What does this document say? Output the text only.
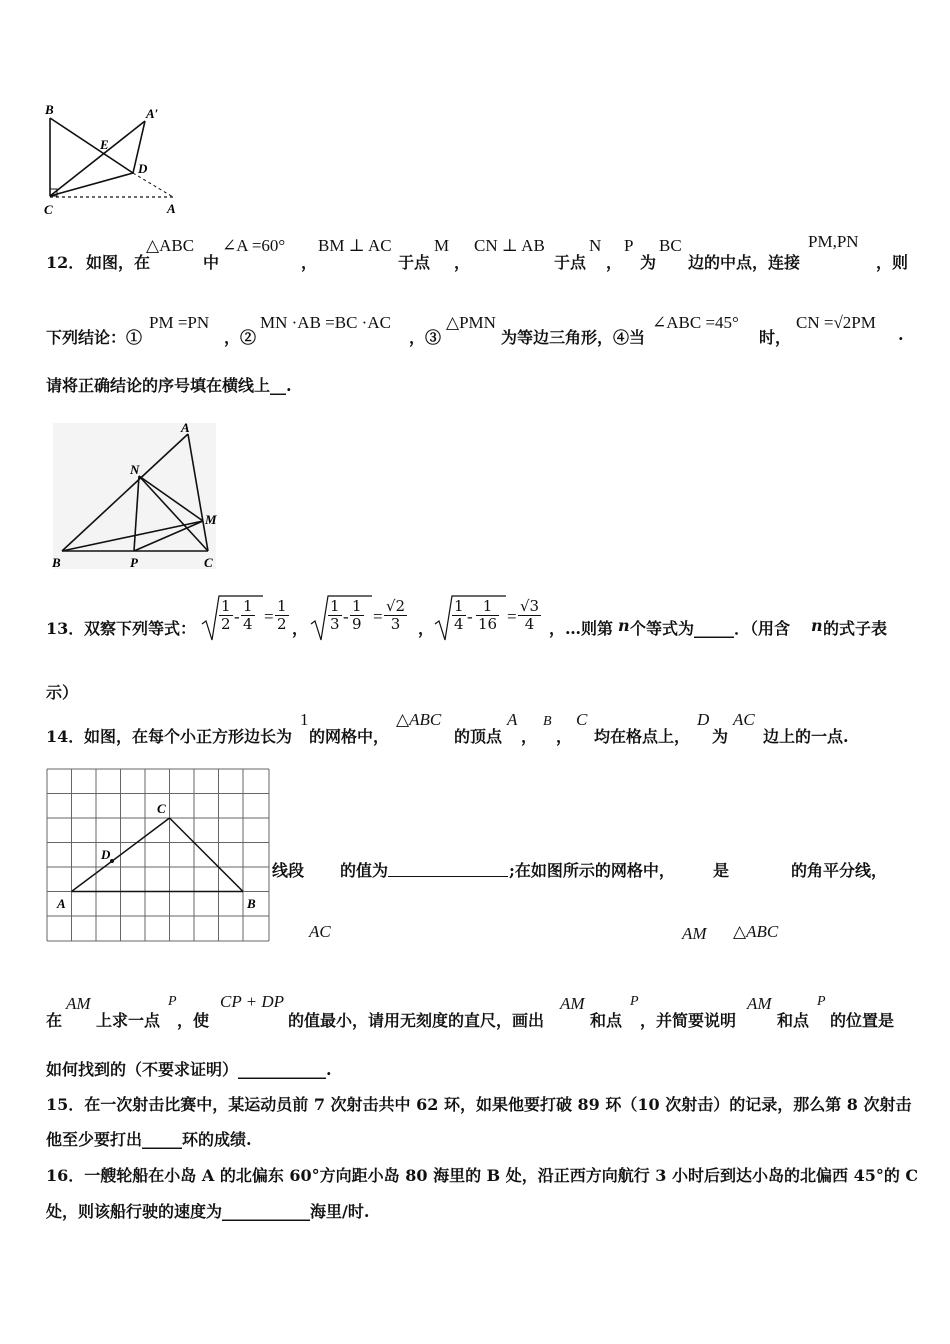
B	A′
E
D
C	A
12． 如图，在
△ABC
中
∠A =60°
，
BM ⊥ AC
于点
M
，
CN ⊥ AB
于点
N
，
P
为
BC
边的中点，连接
PM,PN
，则
下列结论：①
PM =PN
，②
MN ·AB =BC ·AC
，③
△PMN
为等边三角形，④当
∠ABC =45°
时，
CN =√2PM
.
请将正确结论的序号填在横线上__.
A
N
M
B	P	C
13． 双察下列等式： $\frac{1}{2} - \frac{1}{4} = \frac{1}{2}$ ， $\frac{1}{3} - \frac{1}{9} = \frac{√2}{3}$ ， $\frac{1}{4} - \frac{1}{16} = \frac{√3}{4}$ ，…则第 n 个等式为_____．（用含 n 的式子表
示）
14． 如图，在每个小正方形边长为
1
的网格中，
△ABC
的顶点
A
，
B
，
C
均在格点上，
D
为
AC
边上的一点.
C
D
A	B
线段 的值为	;在如图所示的网格中， 是	的角平分线，
AC	AM △ABC
在
AM
上求一点
P
，使
CP + DP
的值最小，请用无刻度的直尺，画出
AM
和点
P
，并简要说明
AM
和点
P
的位置是
如何找到的（不要求证明）___________.
15．在一次射击比赛中，某运动员前 7 次射击共中 62 环，如果他要打破 89 环（10 次射击）的记录，那么第 8 次射击
他至少要打出_____环的成绩.
16．一艘轮船在小岛 A 的北偏东 60°方向距小岛 80 海里的 B 处，沿正西方向航行 3 小时后到达小岛的北偏西 45°的 C
处，则该船行驶的速度为___________海里/时.
